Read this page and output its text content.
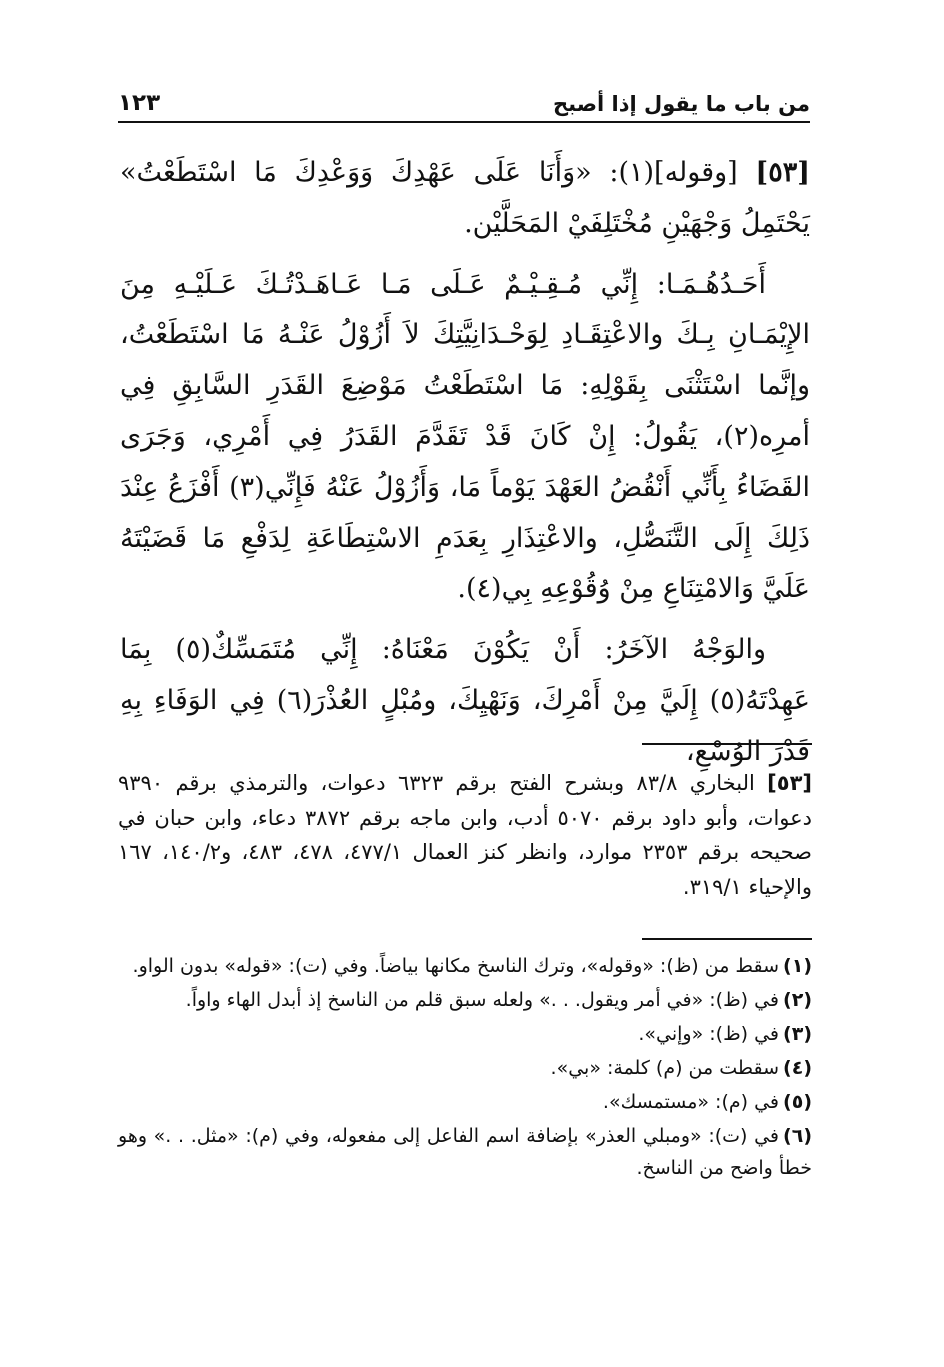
من باب ما يقول إذا أصبح
١٢٣

[٥٣] [وقوله](١): «وَأَنَا عَلَى عَهْدِكَ وَوَعْدِكَ مَا اسْتَطَعْتُ» يَحْتَمِلُ وَجْهَيْنِ مُخْتَلِفَيْ المَحَلَّيْن.

أَحَـدُهُـمَـا: إِنِّي مُـقِـيْـمٌ عَـلَى مَـا عَـاهَـدْتُـكَ عَـلَيْـهِ مِنَ الإِيْمَـانِ بِـكَ والاعْتِقَـادِ لِوَحْـدَانِيَّتِكَ لاَ أَزُوْلُ عَنْـهُ مَا اسْتَطَعْتُ، وإنَّما اسْتَثْنَى بِقَوْلِهِ: مَا اسْتَطَعْتُ مَوْضِعَ القَدَرِ السَّابِقِ فِي أمرِه(٢)، يَقُولُ: إِنْ كَانَ قَدْ تَقَدَّمَ القَدَرُ فِي أَمْرِي، وَجَرَى القَضَاءُ بِأَنِّي أَنْقُضُ العَهْدَ يَوْماً مَا، وَأَزُوْلُ عَنْهُ فَإِنِّي(٣) أَفْزَعُ عِنْدَ ذَلِكَ إِلَى التَّنَصُّلِ، والاعْتِذَارِ بِعَدَمِ الاسْتِطَاعَةِ لِدَفْعِ مَا قَضَيْتَهُ عَلَيَّ وَالامْتِنَاعِ مِنْ وُقُوْعِهِ بِي(٤).

والوَجْهُ الآخَرُ: أَنْ يَكُوْنَ مَعْنَاهُ: إِنِّي مُتَمَسِّكٌ(٥) بِمَا عَهِدْتَهُ(٥) إِلَيَّ مِنْ أَمْرِكَ، وَنَهْيِكَ، ومُبْلٍ العُذْرَ(٦) فِي الوَفَاءِ بِهِ قَدْرَ الوُسْعِ،

[٥٣] البخاري ٨٣/٨ وبشرح الفتح برقم ٦٣٢٣ دعوات، والترمذي برقم ٩٣٩٠ دعوات، وأبو داود برقم ٥٠٧٠ أدب، وابن ماجه برقم ٣٨٧٢ دعاء، وابن حبان في صحيحه برقم ٢٣٥٣ موارد، وانظر كنز العمال ٤٧٧/١، ٤٧٨، ٤٨٣، و١٤٠/٢، ١٦٧ والإحياء ٣١٩/١.

(١)سقط من (ظ): «وقوله»، وترك الناسخ مكانها بياضاً. وفي (ت): «قوله» بدون الواو.

(٢)في (ظ): «في أمر ويقول. . .» ولعله سبق قلم من الناسخ إذ أبدل الهاء واواً.

(٣)في (ظ): «وإني».

(٤)سقطت من (م) كلمة: «بي».

(٥)في (م): «مستمسك».

(٦)في (ت): «ومبلي العذر» بإضافة اسم الفاعل إلى مفعوله، وفي (م): «مثل. . .» وهو خطأ واضح من الناسخ.
